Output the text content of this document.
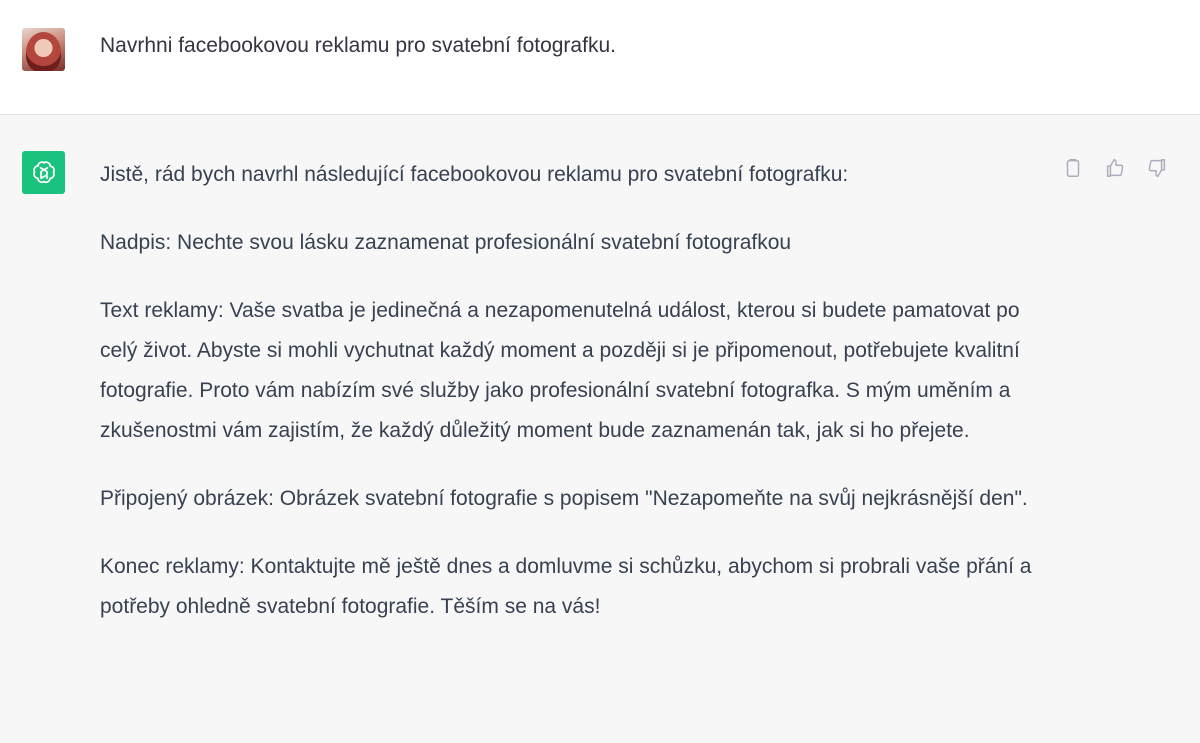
Navrhni facebookovou reklamu pro svatební fotografku.

Jistě, rád bych navrhl následující facebookovou reklamu pro svatební fotografku:

Nadpis: Nechte svou lásku zaznamenat profesionální svatební fotografkou

Text reklamy: Vaše svatba je jedinečná a nezapomenutelná událost, kterou si budete pamatovat po celý život. Abyste si mohli vychutnat každý moment a později si je připomenout, potřebujete kvalitní fotografie. Proto vám nabízím své služby jako profesionální svatební fotografka. S mým uměním a zkušenostmi vám zajistím, že každý důležitý moment bude zaznamenán tak, jak si ho přejete.

Připojený obrázek: Obrázek svatební fotografie s popisem "Nezapomeňte na svůj nejkrásnější den".

Konec reklamy: Kontaktujte mě ještě dnes a domluvme si schůzku, abychom si probrali vaše přání a potřeby ohledně svatební fotografie. Těším se na vás!
